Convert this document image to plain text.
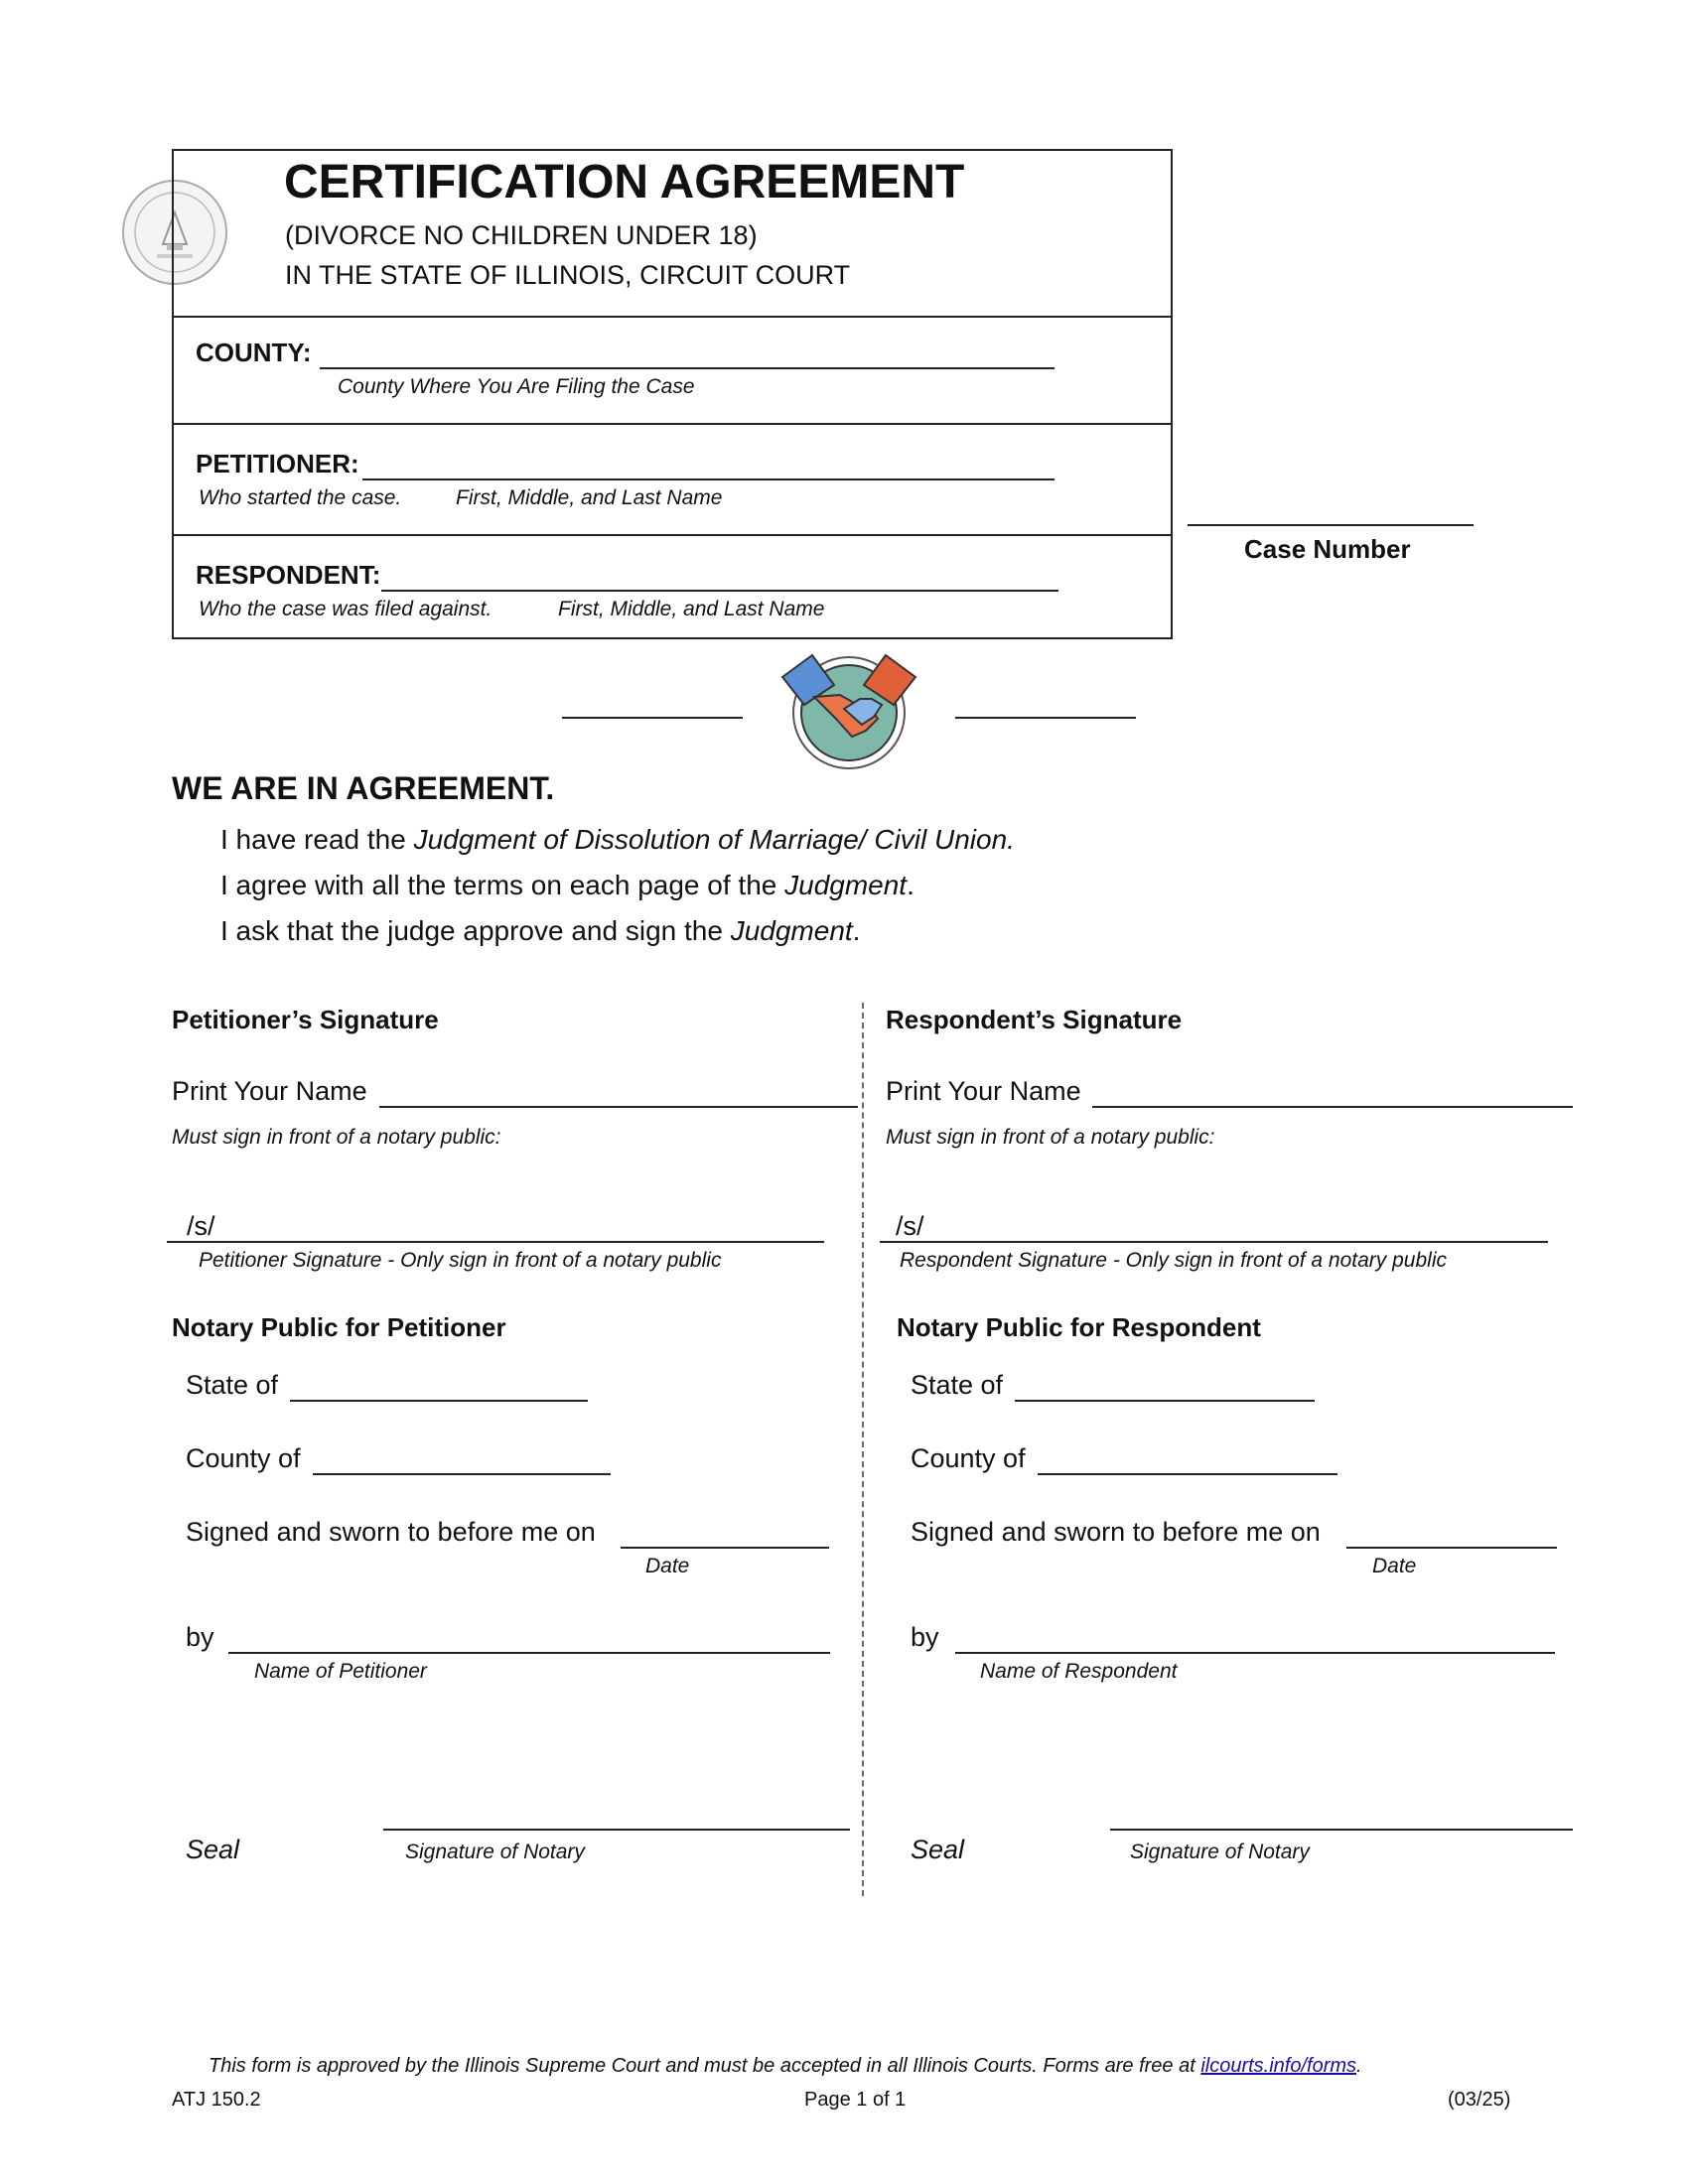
CERTIFICATION AGREEMENT
(DIVORCE NO CHILDREN UNDER 18)
IN THE STATE OF ILLINOIS, CIRCUIT COURT
COUNTY:
County Where You Are Filing the Case
PETITIONER:
Who started the case.	First, Middle, and Last Name
RESPONDENT:
Who the case was filed against.	First, Middle, and Last Name
Case Number
WE ARE IN AGREEMENT.
I have read the Judgment of Dissolution of Marriage/ Civil Union.
I agree with all the terms on each page of the Judgment.
I ask that the judge approve and sign the Judgment.
Petitioner’s Signature
Print Your Name
Must sign in front of a notary public:
/s/
Petitioner Signature - Only sign in front of a notary public
Notary Public for Petitioner
State of
County of
Signed and sworn to before me on
Date
by
Name of Petitioner
Seal	Signature of Notary
Respondent’s Signature
Print Your Name
Must sign in front of a notary public:
/s/
Respondent Signature - Only sign in front of a notary public
Notary Public for Respondent
State of
County of
Signed and sworn to before me on
Date
by
Name of Respondent
Seal	Signature of Notary
This form is approved by the Illinois Supreme Court and must be accepted in all Illinois Courts. Forms are free at ilcourts.info/forms.
ATJ 150.2	Page 1 of 1	(03/25)
